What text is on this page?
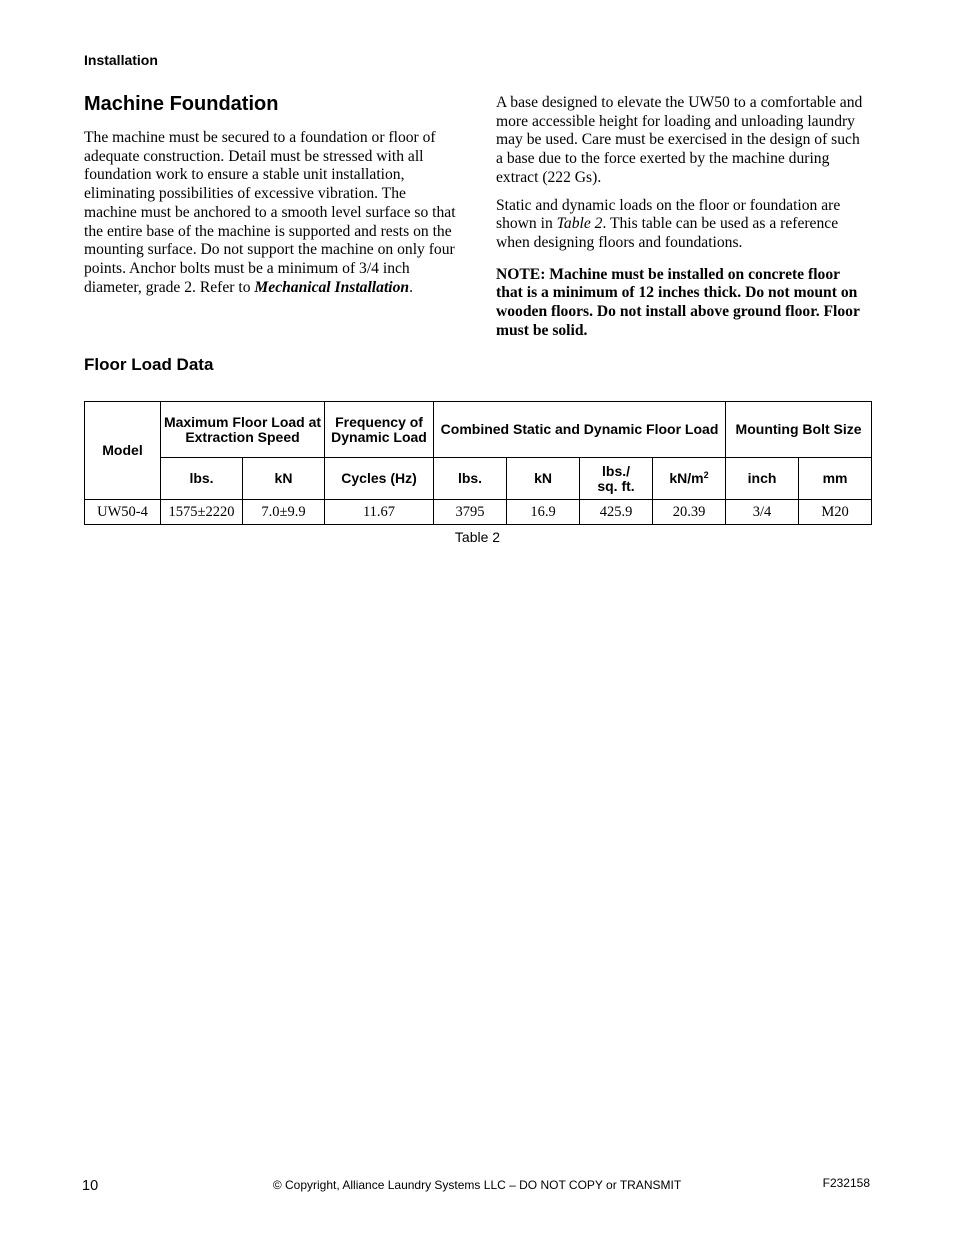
Installation
Machine Foundation

The machine must be secured to a foundation or floor of adequate construction. Detail must be stressed with all foundation work to ensure a stable unit installation, eliminating possibilities of excessive vibration. The machine must be anchored to a smooth level surface so that the entire base of the machine is supported and rests on the mounting surface. Do not support the machine on only four points. Anchor bolts must be a minimum of 3/4 inch diameter, grade 2. Refer to Mechanical Installation.

A base designed to elevate the UW50 to a comfortable and more accessible height for loading and unloading laundry may be used. Care must be exercised in the design of such a base due to the force exerted by the machine during extract (222 Gs).

Static and dynamic loads on the floor or foundation are shown in Table 2. This table can be used as a reference when designing floors and foundations.

NOTE: Machine must be installed on concrete floor that is a minimum of 12 inches thick. Do not mount on wooden floors. Do not install above ground floor. Floor must be solid.

Floor Load Data
Model	Maximum Floor Load at Extraction Speed		Frequency of Dynamic Load	Combined Static and Dynamic Floor Load				Mounting Bolt Size	
	lbs.	kN	Cycles (Hz)	lbs.	kN	lbs./ sq. ft.	$kN/m^2$	inch	mm
UW50-4	1575±2220	7.0±9.9	11.67	3795	16.9	425.9	20.39	3/4	M20
Table 2
10	© Copyright, Alliance Laundry Systems LLC – DO NOT COPY or TRANSMIT	F232158
